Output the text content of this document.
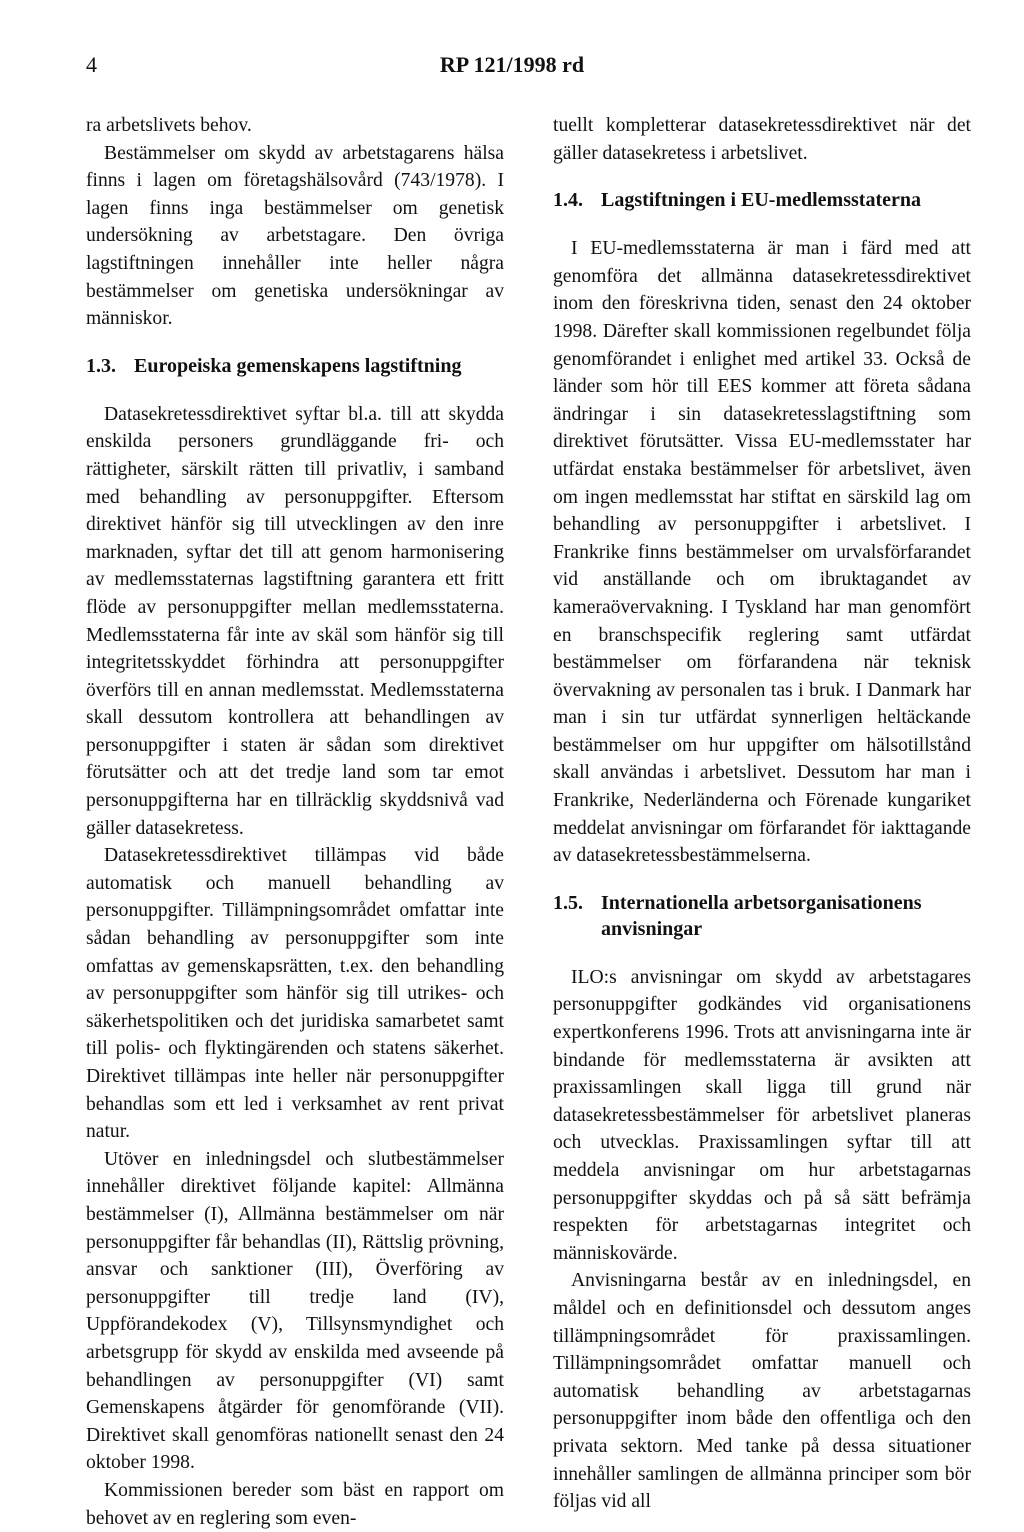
4	RP 121/1998 rd

ra arbetslivets behov.

Bestämmelser om skydd av arbetstagarens hälsa finns i lagen om företagshälsovård (743/1978). I lagen finns inga bestämmelser om genetisk undersökning av arbetstagare. Den övriga lagstiftningen innehåller inte heller några bestämmelser om genetiska undersökningar av människor.

1.3. Europeiska gemenskapens lagstiftning

Datasekretessdirektivet syftar bl.a. till att skydda enskilda personers grundläggande fri- och rättigheter, särskilt rätten till privatliv, i samband med behandling av personuppgifter. Eftersom direktivet hänför sig till utvecklingen av den inre marknaden, syftar det till att genom harmonisering av medlemsstaternas lagstiftning garantera ett fritt flöde av personuppgifter mellan medlemsstaterna. Medlemsstaterna får inte av skäl som hänför sig till integritetsskyddet förhindra att personuppgifter överförs till en annan medlemsstat. Medlemsstaterna skall dessutom kontrollera att behandlingen av personuppgifter i staten är sådan som direktivet förutsätter och att det tredje land som tar emot personuppgifterna har en tillräcklig skyddsnivå vad gäller datasekretess.

Datasekretessdirektivet tillämpas vid både automatisk och manuell behandling av personuppgifter. Tillämpningsområdet omfattar inte sådan behandling av personuppgifter som inte omfattas av gemenskapsrätten, t.ex. den behandling av personuppgifter som hänför sig till utrikes- och säkerhetspolitiken och det juridiska samarbetet samt till polis- och flyktingärenden och statens säkerhet. Direktivet tillämpas inte heller när personuppgifter behandlas som ett led i verksamhet av rent privat natur.

Utöver en inledningsdel och slutbestämmelser innehåller direktivet följande kapitel: Allmänna bestämmelser (I), Allmänna bestämmelser om när personuppgifter får behandlas (II), Rättslig prövning, ansvar och sanktioner (III), Överföring av personuppgifter till tredje land (IV), Uppförandekodex (V), Tillsynsmyndighet och arbetsgrupp för skydd av enskilda med avseende på behandlingen av personuppgifter (VI) samt Gemenskapens åtgärder för genomförande (VII). Direktivet skall genomföras nationellt senast den 24 oktober 1998.

Kommissionen bereder som bäst en rapport om behovet av en reglering som even-

tuellt kompletterar datasekretessdirektivet när det gäller datasekretess i arbetslivet.

1.4. Lagstiftningen i EU-medlemsstaterna

I EU-medlemsstaterna är man i färd med att genomföra det allmänna datasekretessdirektivet inom den föreskrivna tiden, senast den 24 oktober 1998. Därefter skall kommissionen regelbundet följa genomförandet i enlighet med artikel 33. Också de länder som hör till EES kommer att företa sådana ändringar i sin datasekretesslagstiftning som direktivet förutsätter. Vissa EU-medlemsstater har utfärdat enstaka bestämmelser för arbetslivet, även om ingen medlemsstat har stiftat en särskild lag om behandling av personuppgifter i arbetslivet. I Frankrike finns bestämmelser om urvalsförfarandet vid anställande och om ibruktagandet av kameraövervakning. I Tyskland har man genomfört en branschspecifik reglering samt utfärdat bestämmelser om förfarandena när teknisk övervakning av personalen tas i bruk. I Danmark har man i sin tur utfärdat synnerligen heltäckande bestämmelser om hur uppgifter om hälsotillstånd skall användas i arbetslivet. Dessutom har man i Frankrike, Nederländerna och Förenade kungariket meddelat anvisningar om förfarandet för iakttagande av datasekretessbestämmelserna.

1.5. Internationella arbetsorganisationens anvisningar

ILO:s anvisningar om skydd av arbetstagares personuppgifter godkändes vid organisationens expertkonferens 1996. Trots att anvisningarna inte är bindande för medlemsstaterna är avsikten att praxissamlingen skall ligga till grund när datasekretessbestämmelser för arbetslivet planeras och utvecklas. Praxissamlingen syftar till att meddela anvisningar om hur arbetstagarnas personuppgifter skyddas och på så sätt befrämja respekten för arbetstagarnas integritet och människovärde.

Anvisningarna består av en inledningsdel, en måldel och en definitionsdel och dessutom anges tillämpningsområdet för praxissamlingen. Tillämpningsområdet omfattar manuell och automatisk behandling av arbetstagarnas personuppgifter inom både den offentliga och den privata sektorn. Med tanke på dessa situationer innehåller samlingen de allmänna principer som bör följas vid all
